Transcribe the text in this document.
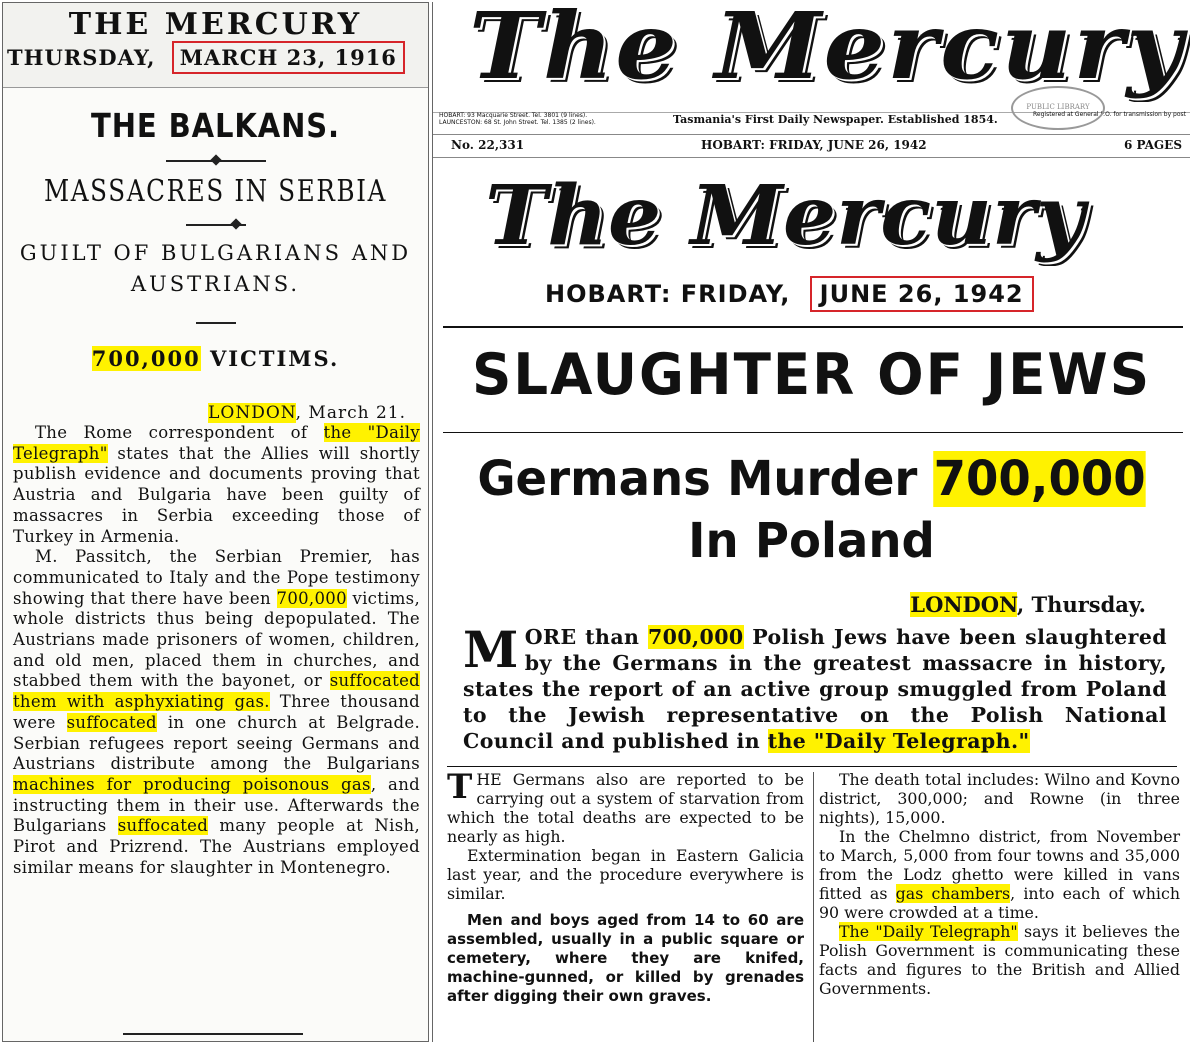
THE MERCURY
THURSDAY, MARCH 23, 1916
THE BALKANS.
MASSACRES IN SERBIA
GUILT OF BULGARIANS AND AUSTRIANS.
700,000 VICTIMS.
LONDON, March 21.

The Rome correspondent of the "Daily Telegraph" states that the Allies will shortly publish evidence and documents proving that Austria and Bulgaria have been guilty of massacres in Serbia exceeding those of Turkey in Armenia.

M. Passitch, the Serbian Premier, has communicated to Italy and the Pope testimony showing that there have been 700,000 victims, whole districts thus being depopulated. The Austrians made prisoners of women, children, and old men, placed them in churches, and stabbed them with the bayonet, or suffocated them with asphyxiating gas. Three thousand were suffocated in one church at Belgrade. Serbian refugees report seeing Germans and Austrians distribute among the Bulgarians machines for producing poisonous gas, and instructing them in their use. Afterwards the Bulgarians suffocated many people at Nish, Pirot and Prizrend. The Austrians employed similar means for slaughter in Montenegro.

The Mercury
HOBART: 93 Macquarie Street. Tel. 3801 (9 lines).
LAUNCESTON: 68 St. John Street. Tel. 1385 (2 lines).	Tasmania's First Daily Newspaper. Established 1854.	Registered at General P.O. for transmission by post
PUBLIC LIBRARY
No. 22,331	HOBART: FRIDAY, JUNE 26, 1942	6 PAGES
The Mercury
HOBART: FRIDAY, JUNE 26, 1942
SLAUGHTER OF JEWS
Germans Murder 700,000
In Poland
LONDON, Thursday.
MORE than 700,000 Polish Jews have been slaughtered by the Germans in the greatest massacre in history, states the report of an active group smuggled from Poland to the Jewish representative on the Polish National Council and published in the "Daily Telegraph."

THE Germans also are reported to be carrying out a system of starvation from which the total deaths are expected to be nearly as high.

Extermination began in Eastern Galicia last year, and the procedure everywhere is similar.

Men and boys aged from 14 to 60 are assembled, usually in a public square or cemetery, where they are knifed, machine-gunned, or killed by grenades after digging their own graves.

The death total includes: Wilno and Kovno district, 300,000; and Rowne (in three nights), 15,000.

In the Chelmno district, from November to March, 5,000 from four towns and 35,000 from the Lodz ghetto were killed in vans fitted as gas chambers, into each of which 90 were crowded at a time.

The "Daily Telegraph" says it believes the Polish Government is communicating these facts and figures to the British and Allied Governments.
